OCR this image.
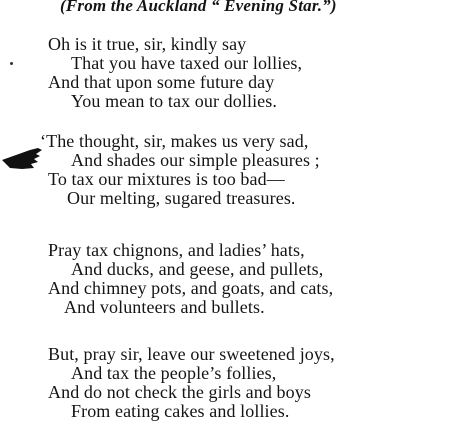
(From the Auckland “ Evening Star.”)
Oh is it true, sir, kindly say
That you have taxed our lollies,
And that upon some future day
You mean to tax our dollies.
‘The thought, sir, makes us very sad,
And shades our simple pleasures ;
To tax our mixtures is too bad—
Our melting, sugared treasures.
Pray tax chignons, and ladies’ hats,
And ducks, and geese, and pullets,
And chimney pots, and goats, and cats,
And volunteers and bullets.
But, pray sir, leave our sweetened joys,
And tax the people’s follies,
And do not check the girls and boys
From eating cakes and lollies.
